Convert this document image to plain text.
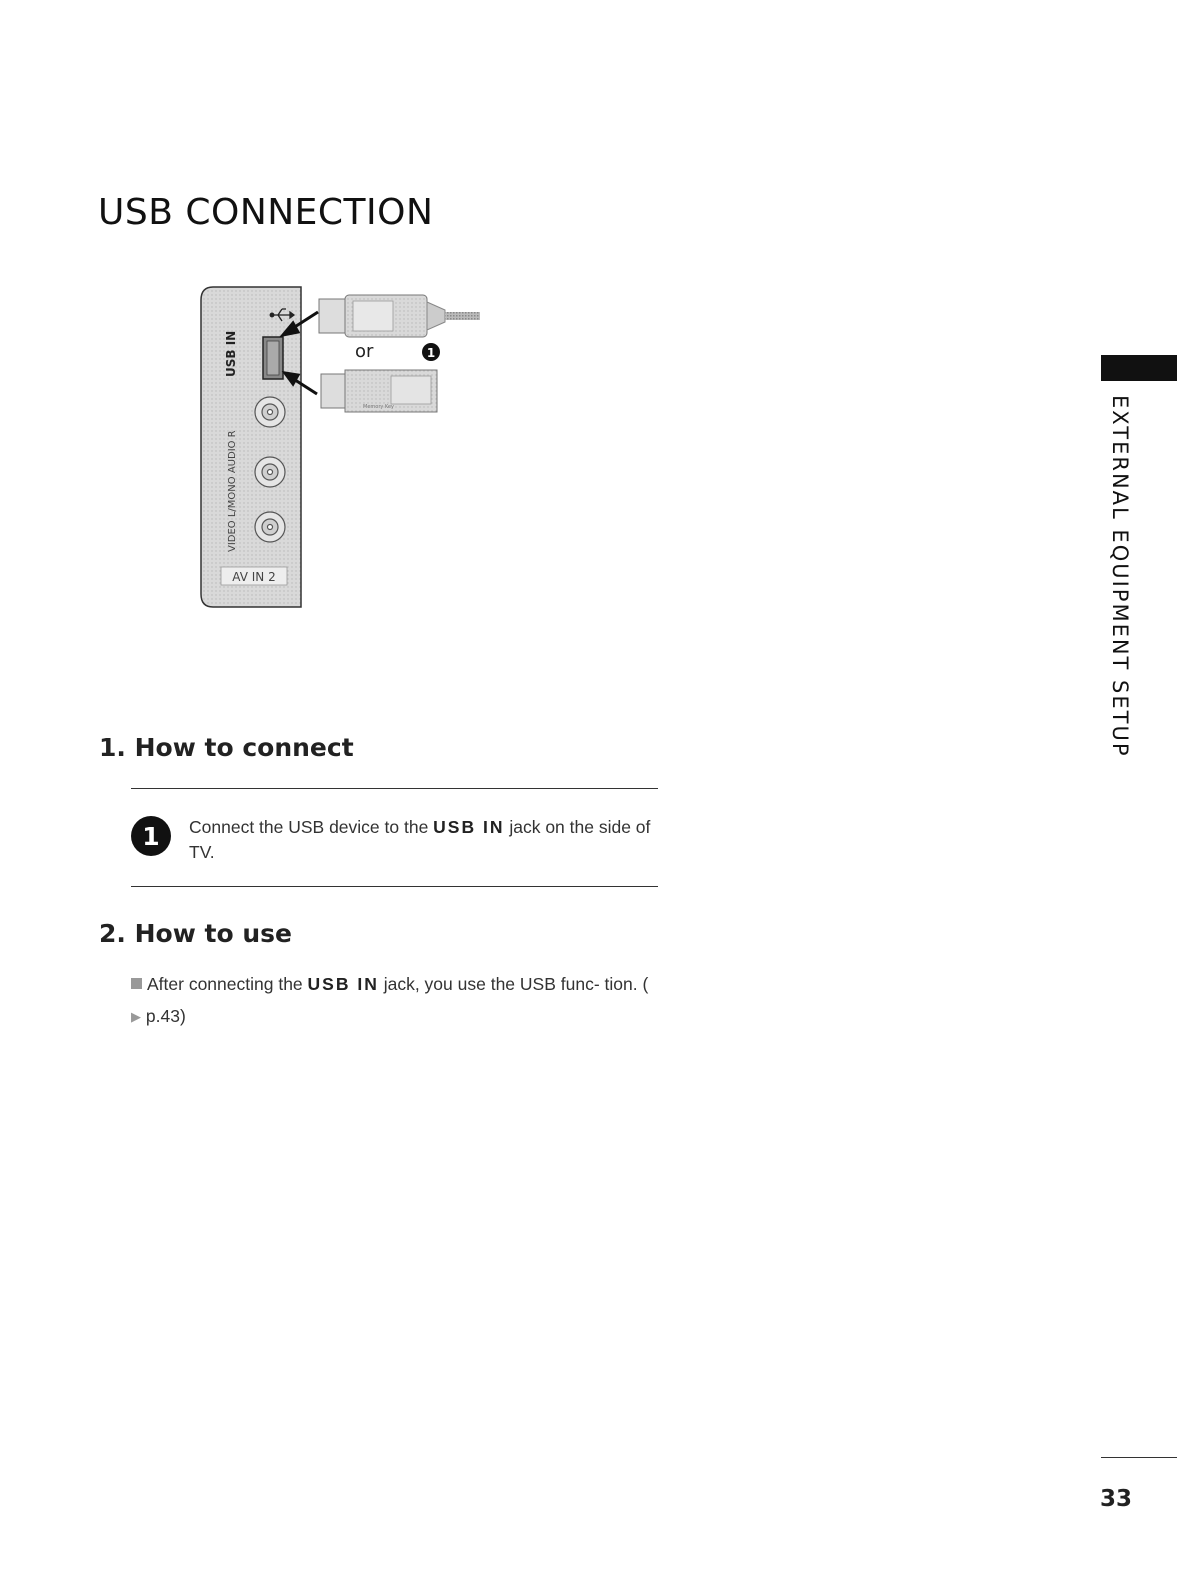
USB CONNECTION
USB IN
VIDEO L/MONO AUDIO R
AV IN 2
or	1
Memory Key	EXTERNAL EQUIPMENT SETUP
1. How to connect
1	Connect the USB device to the USB IN jack on the side of TV.
2. How to use
After connecting the USB IN jack, you use the USB func- tion. (▶ p.43)
33
